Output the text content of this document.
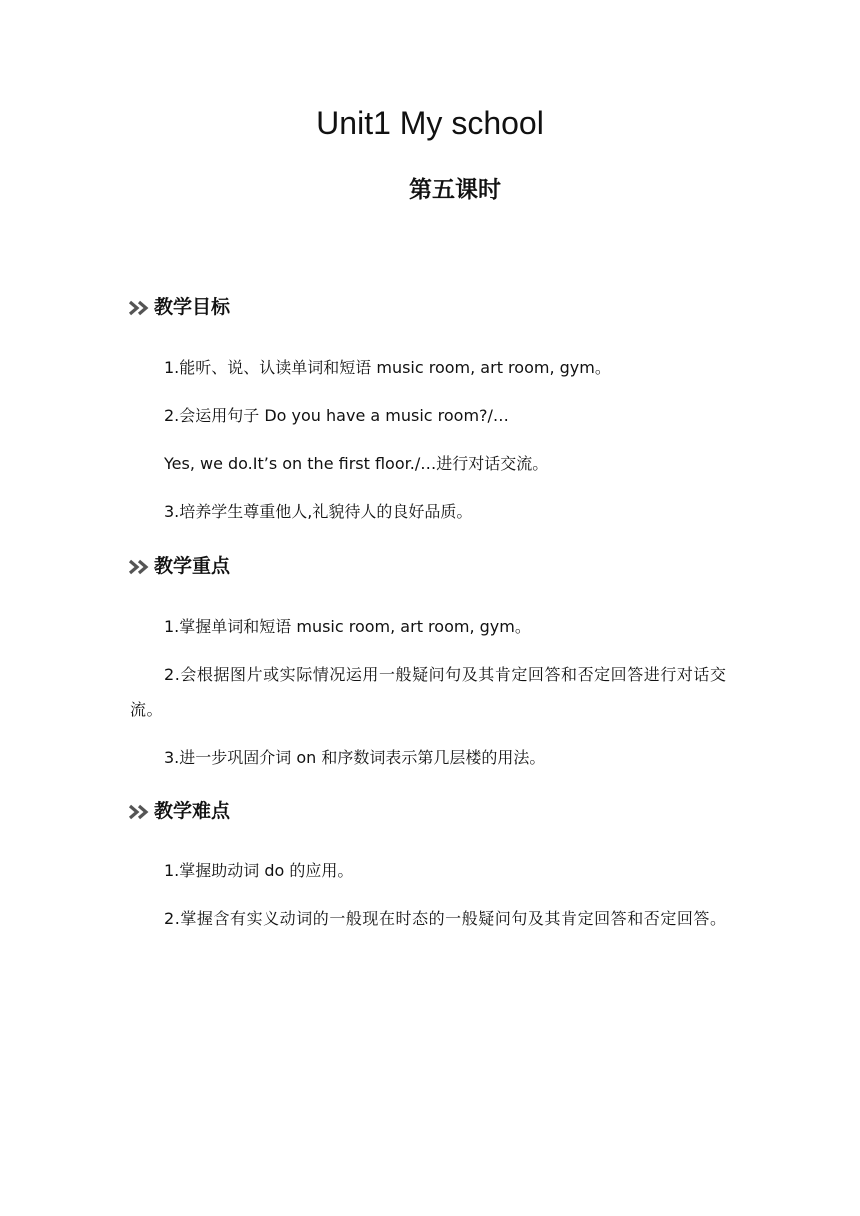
Unit1 My school
第五课时
教学目标

1.能听、说、认读单词和短语 music room, art room, gym。

2.会运用句子 Do you have a music room?/…

Yes, we do.It’s on the first floor./…进行对话交流。

3.培养学生尊重他人,礼貌待人的良好品质。

教学重点

1.掌握单词和短语 music room, art room, gym。

2.会根据图片或实际情况运用一般疑问句及其肯定回答和否定回答进行对话交流。

3.进一步巩固介词 on 和序数词表示第几层楼的用法。

教学难点

1.掌握助动词 do 的应用。

2.掌握含有实义动词的一般现在时态的一般疑问句及其肯定回答和否定回答。
